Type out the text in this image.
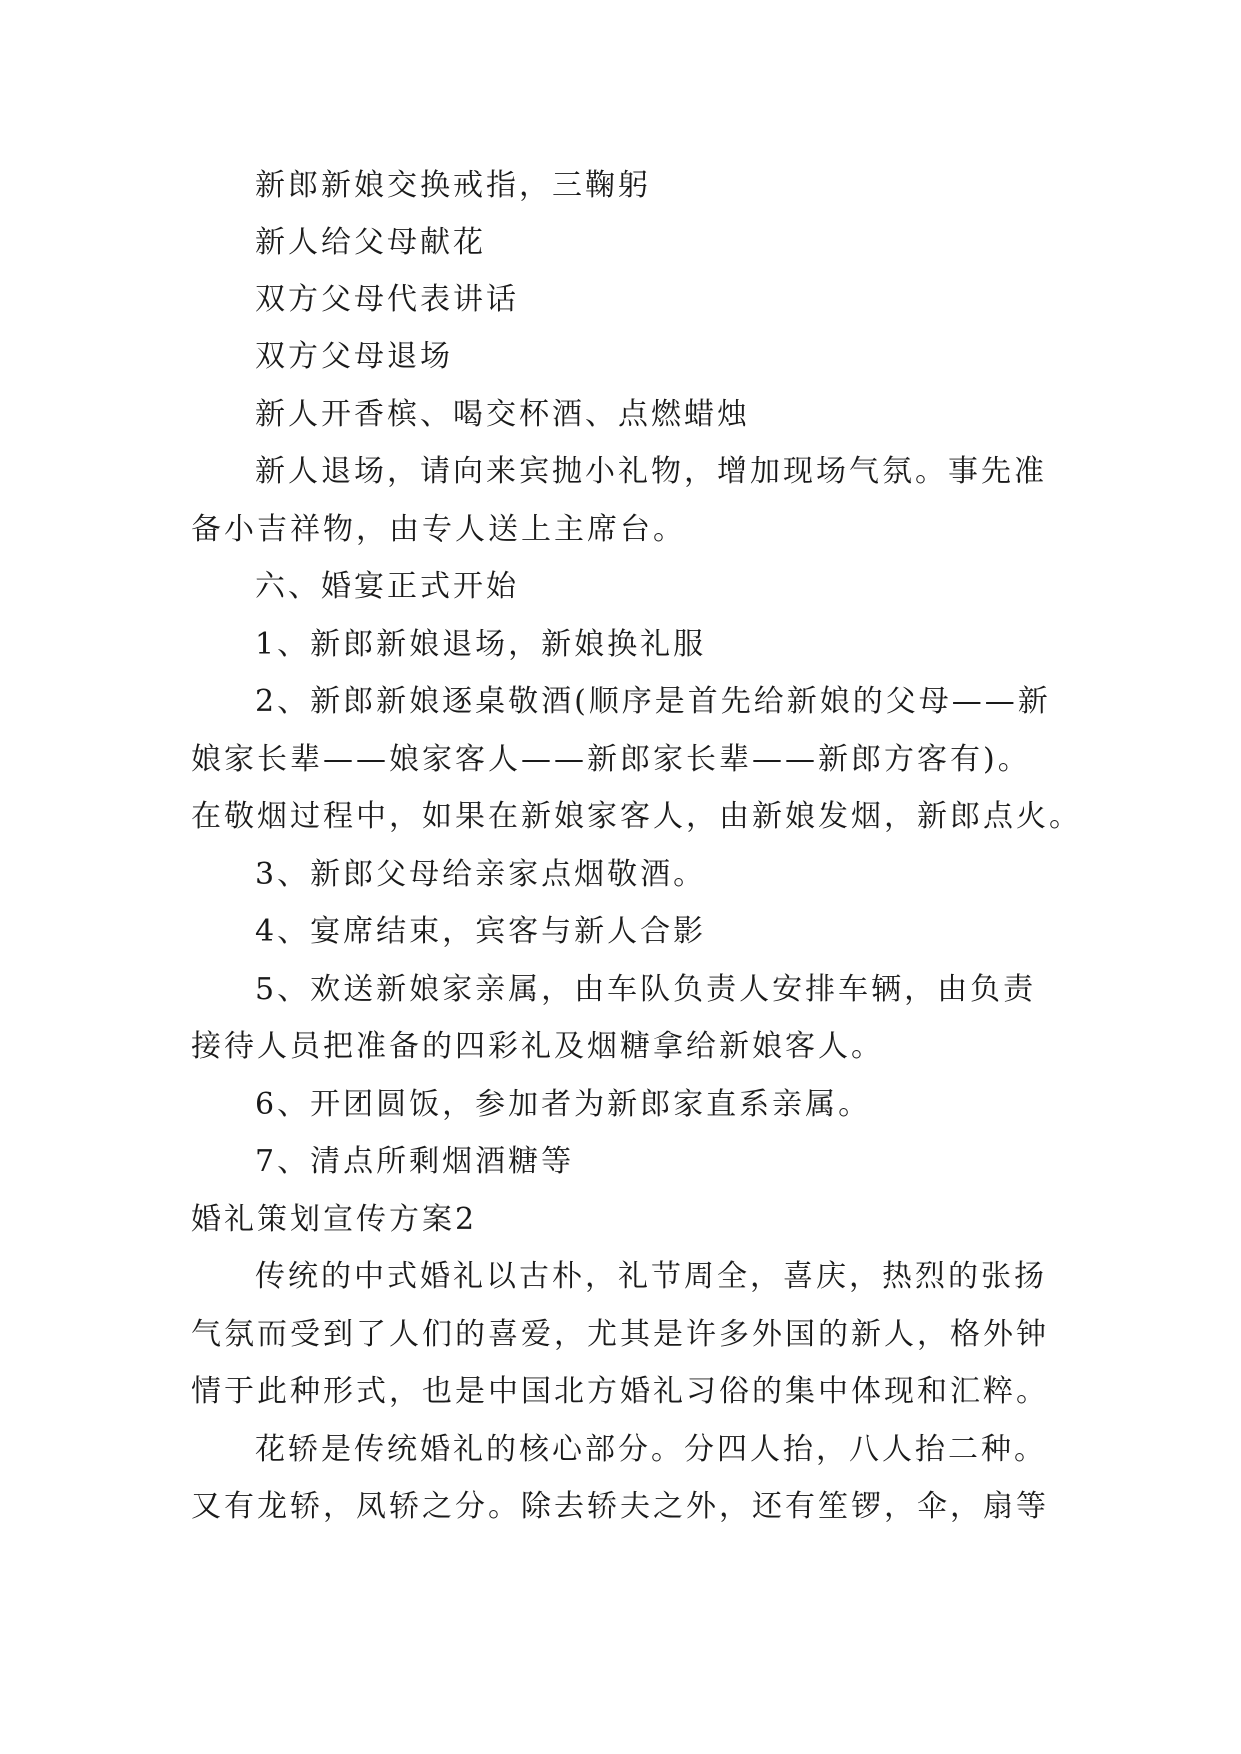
新郎新娘交换戒指，三鞠躬

新人给父母献花

双方父母代表讲话

双方父母退场

新人开香槟、喝交杯酒、点燃蜡烛

新人退场，请向来宾抛小礼物，增加现场气氛。事先准

备小吉祥物，由专人送上主席台。

六、婚宴正式开始

1、新郎新娘退场，新娘换礼服

2、新郎新娘逐桌敬酒(顺序是首先给新娘的父母——新

娘家长辈——娘家客人——新郎家长辈——新郎方客有)。

在敬烟过程中，如果在新娘家客人，由新娘发烟，新郎点火。

3、新郎父母给亲家点烟敬酒。

4、宴席结束，宾客与新人合影

5、欢送新娘家亲属，由车队负责人安排车辆，由负责

接待人员把准备的四彩礼及烟糖拿给新娘客人。

6、开团圆饭，参加者为新郎家直系亲属。

7、清点所剩烟酒糖等

婚礼策划宣传方案2

传统的中式婚礼以古朴，礼节周全，喜庆，热烈的张扬

气氛而受到了人们的喜爱，尤其是许多外国的新人，格外钟

情于此种形式，也是中国北方婚礼习俗的集中体现和汇粹。

花轿是传统婚礼的核心部分。分四人抬，八人抬二种。

又有龙轿，凤轿之分。除去轿夫之外，还有笙锣，伞，扇等
